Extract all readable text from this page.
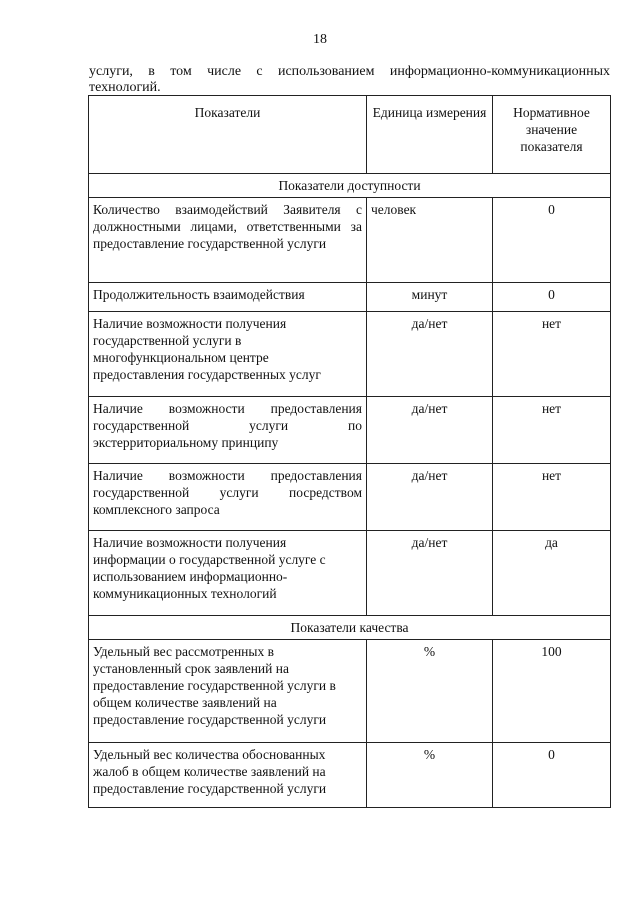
18
услуги, в том числе с использованием информационно-коммуникационных
технологий.
Показатели	Единица измерения	Нормативное значение показателя
Показатели доступности		
Количество взаимодействий Заявителя с должностными лицами, ответственными за предоставление государственной услуги	человек	0
Продолжительность взаимодействия	минут	0
Наличие возможности получения государственной услуги в многофункциональном центре предоставления государственных услуг	да/нет	нет
Наличие возможности предоставления государственной услуги по экстерриториальному принципу	да/нет	нет
Наличие возможности предоставления государственной услуги посредством комплексного запроса	да/нет	нет
Наличие возможности получения информации о государственной услуге с использованием информационно-коммуникационных технологий	да/нет	да
Показатели качества		
Удельный вес рассмотренных в установленный срок заявлений на предоставление государственной услуги в общем количестве заявлений на предоставление государственной услуги	%	100
Удельный вес количества обоснованных жалоб в общем количестве заявлений на предоставление государственной услуги	%	0
